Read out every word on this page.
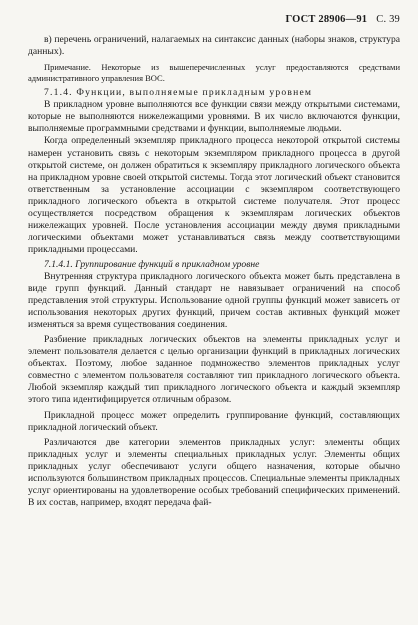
ГОСТ 28906—91 С. 39

в) перечень ограничений, налагаемых на синтаксис данных (наборы знаков, структура данных).

Примечание. Некоторые из вышеперечисленных услуг предоставляются средствами административного управления ВОС.

7.1.4. Функции, выполняемые прикладным уровнем

В прикладном уровне выполняются все функции связи между открытыми системами, которые не выполняются нижележащими уровнями. В их число включаются функции, выполняемые программными средствами и функции, выполняемые людьми.

Когда определенный экземпляр прикладного процесса некоторой открытой системы намерен установить связь с некоторым экземпляром прикладного процесса в другой открытой системе, он должен обратиться к экземпляру прикладного логического объекта на прикладном уровне своей открытой системы. Тогда этот логический объект становится ответственным за установление ассоциации с экземпляром соответствующего прикладного логического объекта в открытой системе получателя. Этот процесс осуществляется посредством обращения к экземплярам логических объектов нижележащих уровней. После установления ассоциации между двумя прикладными логическими объектами может устанавливаться связь между соответствующими прикладными процессами.

7.1.4.1. Группирование функций в прикладном уровне

Внутренняя структура прикладного логического объекта может быть представлена в виде групп функций. Данный стандарт не навязывает ограничений на способ представления этой структуры. Использование одной группы функций может зависеть от использования некоторых других функций, причем состав активных функций может изменяться за время существования соединения.

Разбиение прикладных логических объектов на элементы прикладных услуг и элемент пользователя делается с целью организации функций в прикладных логических объектах. Поэтому, любое заданное подмножество элементов прикладных услуг совместно с элементом пользователя составляют тип прикладного логического объекта. Любой экземпляр каждый тип прикладного логического объекта и каждый экземпляр этого типа идентифицируется отличным образом.

Прикладной процесс может определить группирование функций, составляющих прикладной логический объект.

Различаются две категории элементов прикладных услуг: элементы общих прикладных услуг и элементы специальных прикладных услуг. Элементы общих прикладных услуг обеспечивают услуги общего назначения, которые обычно используются большинством прикладных процессов. Специальные элементы прикладных услуг ориентированы на удовлетворение особых требований специфических применений. В их состав, например, входят передача фай-
